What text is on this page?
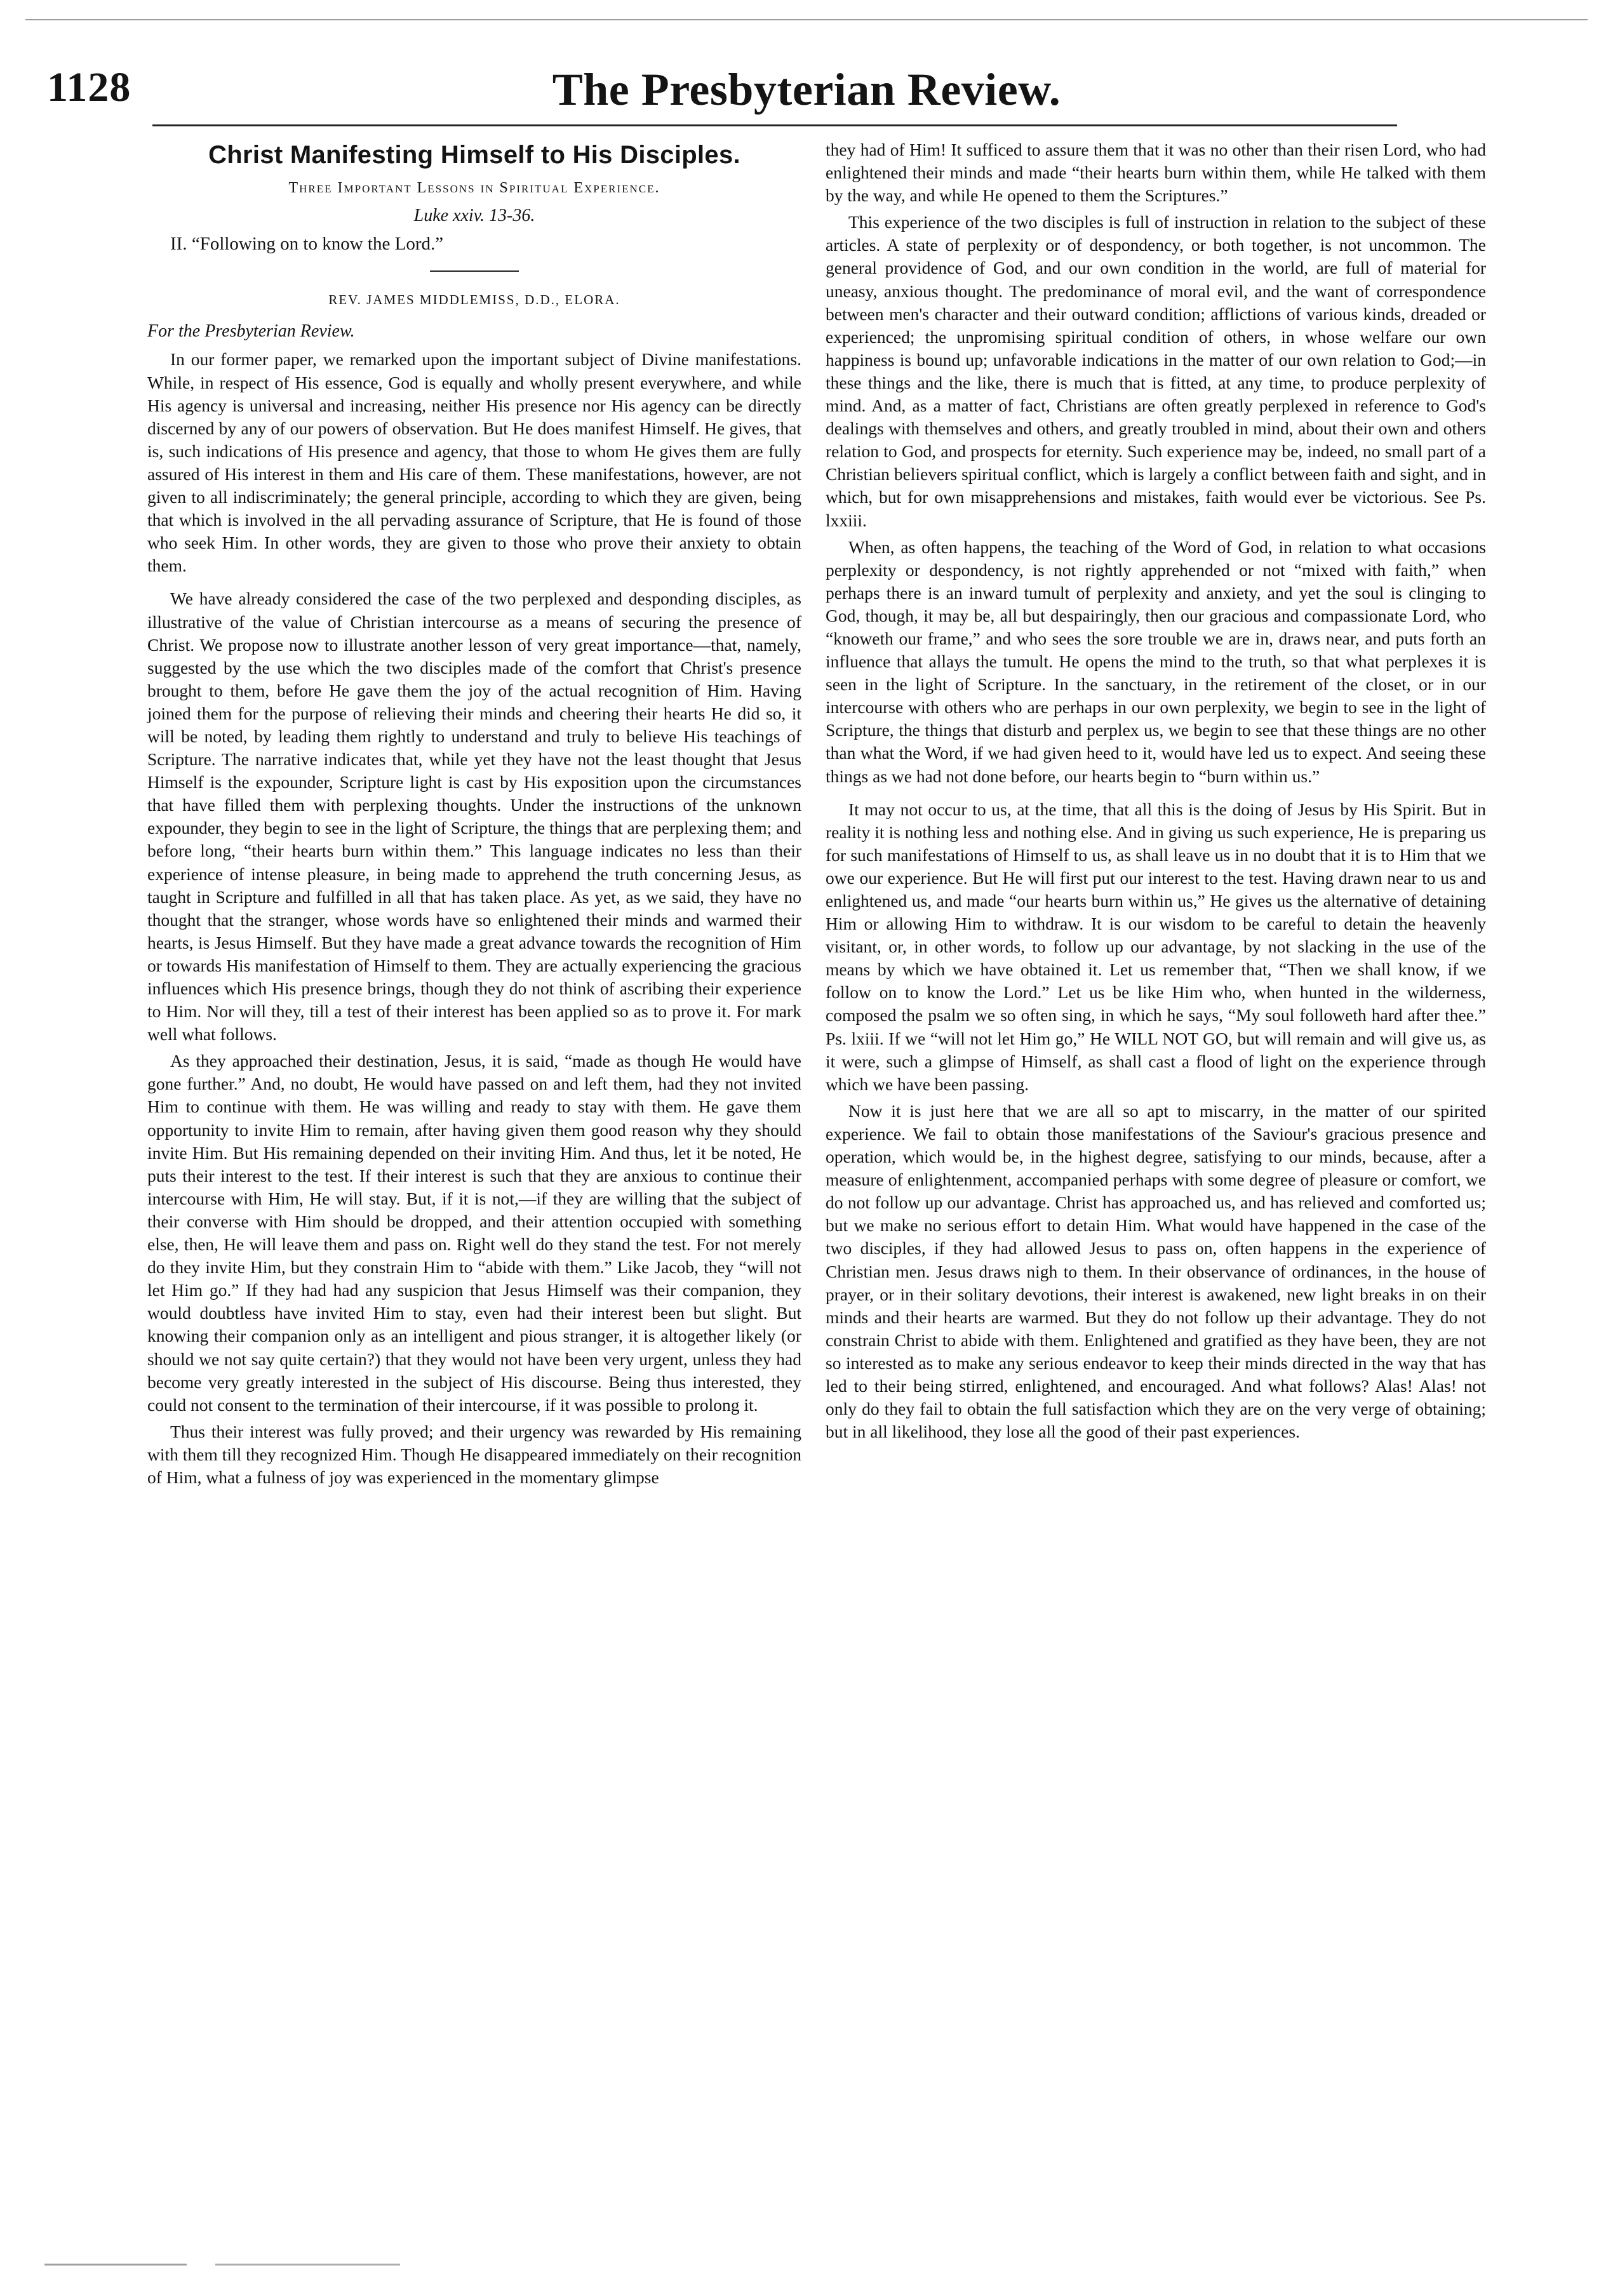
1128	The Presbyterian Review.
Christ Manifesting Himself to His Disciples.
Three Important Lessons in Spiritual Experience.
Luke xxiv. 13-36.
II. “Following on to know the Lord.”
REV. JAMES MIDDLEMISS, D.D., ELORA.
For the Presbyterian Review.

In our former paper, we remarked upon the important subject of Divine manifestations. While, in respect of His essence, God is equally and wholly present everywhere, and while His agency is universal and increasing, neither His presence nor His agency can be directly discerned by any of our powers of observation. But He does manifest Himself. He gives, that is, such indications of His presence and agency, that those to whom He gives them are fully assured of His interest in them and His care of them. These manifestations, however, are not given to all indiscriminately; the general principle, according to which they are given, being that which is involved in the all pervading assurance of Scripture, that He is found of those who seek Him. In other words, they are given to those who prove their anxiety to obtain them.

We have already considered the case of the two perplexed and desponding disciples, as illustrative of the value of Christian intercourse as a means of securing the presence of Christ. We propose now to illustrate another lesson of very great importance—that, namely, suggested by the use which the two disciples made of the comfort that Christ's presence brought to them, before He gave them the joy of the actual recognition of Him. Having joined them for the purpose of relieving their minds and cheering their hearts He did so, it will be noted, by leading them rightly to understand and truly to believe His teachings of Scripture. The narrative indicates that, while yet they have not the least thought that Jesus Himself is the expounder, Scripture light is cast by His exposition upon the circumstances that have filled them with perplexing thoughts. Under the instructions of the unknown expounder, they begin to see in the light of Scripture, the things that are perplexing them; and before long, “their hearts burn within them.” This language indicates no less than their experience of intense pleasure, in being made to apprehend the truth concerning Jesus, as taught in Scripture and fulfilled in all that has taken place. As yet, as we said, they have no thought that the stranger, whose words have so enlightened their minds and warmed their hearts, is Jesus Himself. But they have made a great advance towards the recognition of Him or towards His manifestation of Himself to them. They are actually experiencing the gracious influences which His presence brings, though they do not think of ascribing their experience to Him. Nor will they, till a test of their interest has been applied so as to prove it. For mark well what follows.

As they approached their destination, Jesus, it is said, “made as though He would have gone further.” And, no doubt, He would have passed on and left them, had they not invited Him to continue with them. He was willing and ready to stay with them. He gave them opportunity to invite Him to remain, after having given them good reason why they should invite Him. But His remaining depended on their inviting Him. And thus, let it be noted, He puts their interest to the test. If their interest is such that they are anxious to continue their intercourse with Him, He will stay. But, if it is not,—if they are willing that the subject of their converse with Him should be dropped, and their attention occupied with something else, then, He will leave them and pass on. Right well do they stand the test. For not merely do they invite Him, but they constrain Him to “abide with them.” Like Jacob, they “will not let Him go.” If they had had any suspicion that Jesus Himself was their companion, they would doubtless have invited Him to stay, even had their interest been but slight. But knowing their companion only as an intelligent and pious stranger, it is altogether likely (or should we not say quite certain?) that they would not have been very urgent, unless they had become very greatly interested in the subject of His discourse. Being thus interested, they could not consent to the termination of their intercourse, if it was possible to prolong it.

Thus their interest was fully proved; and their urgency was rewarded by His remaining with them till they recognized Him. Though He disappeared immediately on their recognition of Him, what a fulness of joy was experienced in the momentary glimpse

they had of Him! It sufficed to assure them that it was no other than their risen Lord, who had enlightened their minds and made “their hearts burn within them, while He talked with them by the way, and while He opened to them the Scriptures.”

This experience of the two disciples is full of instruction in relation to the subject of these articles. A state of perplexity or of despondency, or both together, is not uncommon. The general providence of God, and our own condition in the world, are full of material for uneasy, anxious thought. The predominance of moral evil, and the want of correspondence between men's character and their outward condition; afflictions of various kinds, dreaded or experienced; the unpromising spiritual condition of others, in whose welfare our own happiness is bound up; unfavorable indications in the matter of our own relation to God;—in these things and the like, there is much that is fitted, at any time, to produce perplexity of mind. And, as a matter of fact, Christians are often greatly perplexed in reference to God's dealings with themselves and others, and greatly troubled in mind, about their own and others relation to God, and prospects for eternity. Such experience may be, indeed, no small part of a Christian believers spiritual conflict, which is largely a conflict between faith and sight, and in which, but for own misapprehensions and mistakes, faith would ever be victorious. See Ps. lxxiii.

When, as often happens, the teaching of the Word of God, in relation to what occasions perplexity or despondency, is not rightly apprehended or not “mixed with faith,” when perhaps there is an inward tumult of perplexity and anxiety, and yet the soul is clinging to God, though, it may be, all but despairingly, then our gracious and compassionate Lord, who “knoweth our frame,” and who sees the sore trouble we are in, draws near, and puts forth an influence that allays the tumult. He opens the mind to the truth, so that what perplexes it is seen in the light of Scripture. In the sanctuary, in the retirement of the closet, or in our intercourse with others who are perhaps in our own perplexity, we begin to see in the light of Scripture, the things that disturb and perplex us, we begin to see that these things are no other than what the Word, if we had given heed to it, would have led us to expect. And seeing these things as we had not done before, our hearts begin to “burn within us.”

It may not occur to us, at the time, that all this is the doing of Jesus by His Spirit. But in reality it is nothing less and nothing else. And in giving us such experience, He is preparing us for such manifestations of Himself to us, as shall leave us in no doubt that it is to Him that we owe our experience. But He will first put our interest to the test. Having drawn near to us and enlightened us, and made “our hearts burn within us,” He gives us the alternative of detaining Him or allowing Him to withdraw. It is our wisdom to be careful to detain the heavenly visitant, or, in other words, to follow up our advantage, by not slacking in the use of the means by which we have obtained it. Let us remember that, “Then we shall know, if we follow on to know the Lord.” Let us be like Him who, when hunted in the wilderness, composed the psalm we so often sing, in which he says, “My soul followeth hard after thee.” Ps. lxiii. If we “will not let Him go,” He WILL NOT GO, but will remain and will give us, as it were, such a glimpse of Himself, as shall cast a flood of light on the experience through which we have been passing.

Now it is just here that we are all so apt to miscarry, in the matter of our spirited experience. We fail to obtain those manifestations of the Saviour's gracious presence and operation, which would be, in the highest degree, satisfying to our minds, because, after a measure of enlightenment, accompanied perhaps with some degree of pleasure or comfort, we do not follow up our advantage. Christ has approached us, and has relieved and comforted us; but we make no serious effort to detain Him. What would have happened in the case of the two disciples, if they had allowed Jesus to pass on, often happens in the experience of Christian men. Jesus draws nigh to them. In their observance of ordinances, in the house of prayer, or in their solitary devotions, their interest is awakened, new light breaks in on their minds and their hearts are warmed. But they do not follow up their advantage. They do not constrain Christ to abide with them. Enlightened and gratified as they have been, they are not so interested as to make any serious endeavor to keep their minds directed in the way that has led to their being stirred, enlightened, and encouraged. And what follows? Alas! Alas! not only do they fail to obtain the full satisfaction which they are on the very verge of obtaining; but in all likelihood, they lose all the good of their past experiences.
